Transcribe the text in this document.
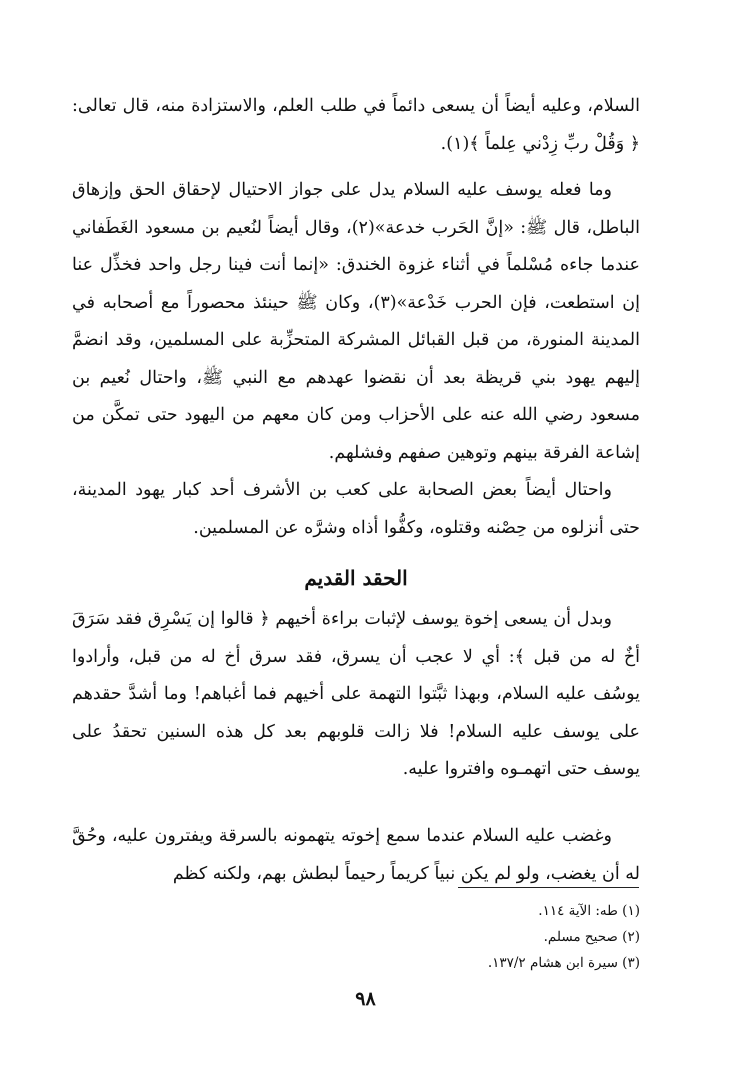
السلام، وعليه أيضاً أن يسعى دائماً في طلب العلم، والاستزادة منه، قال تعالى: ﴿ وَقُلْ ربِّ زِدْني عِلماً ﴾(١).
وما فعله يوسف عليه السلام يدل على جواز الاحتيال لإحقاق الحق وإزهاق الباطل، قال ﷺ: «إنَّ الحَرب خدعة»(٢)، وقال أيضاً لنُعيم بن مسعود الغَطَفاني عندما جاءه مُسْلماً في أثناء غزوة الخندق: «إنما أنت فينا رجل واحد فخذِّل عنا إن استطعت، فإن الحرب خَدْعة»(٣)، وكان ﷺ حينئذ محصوراً مع أصحابه في المدينة المنورة، من قبل القبائل المشركة المتحزِّبة على المسلمين، وقد انضمَّ إليهم يهود بني قريظة بعد أن نقضوا عهدهم مع النبي ﷺ، واحتال نُعيم بن مسعود رضي الله عنه على الأحزاب ومن كان معهم من اليهود حتى تمكَّن من إشاعة الفرقة بينهم وتوهين صفهم وفشلهم.
واحتال أيضاً بعض الصحابة على كعب بن الأشرف أحد كبار يهود المدينة، حتى أنزلوه من حِصْنه وقتلوه، وكفُّوا أذاه وشرَّه عن المسلمين.
الحقد القديم
وبدل أن يسعى إخوة يوسف لإثبات براءة أخيهم ﴿ قالوا إن يَسْرِق فقد سَرَقَ أخٌ له من قبل ﴾: أي لا عجب أن يسرق، فقد سرق أخ له من قبل، وأرادوا يوسُف عليه السلام، وبهذا ثبَّتوا التهمة على أخيهم فما أغباهم! وما أشدَّ حقدهم على يوسف عليه السلام! فلا زالت قلوبهم بعد كل هذه السنين تحقدُ على يوسف حتى اتهمـوه وافتروا عليه.
وغضب عليه السلام عندما سمع إخوته يتهمونه بالسرقة ويفترون عليه، وحُقَّ له أن يغضب، ولو لم يكن نبياً كريماً رحيماً لبطش بهم، ولكنه كظم
(١) طه: الآية ١١٤.
(٢) صحيح مسلم.
(٣) سيرة ابن هشام ١٣٧/٢.
٩٨
